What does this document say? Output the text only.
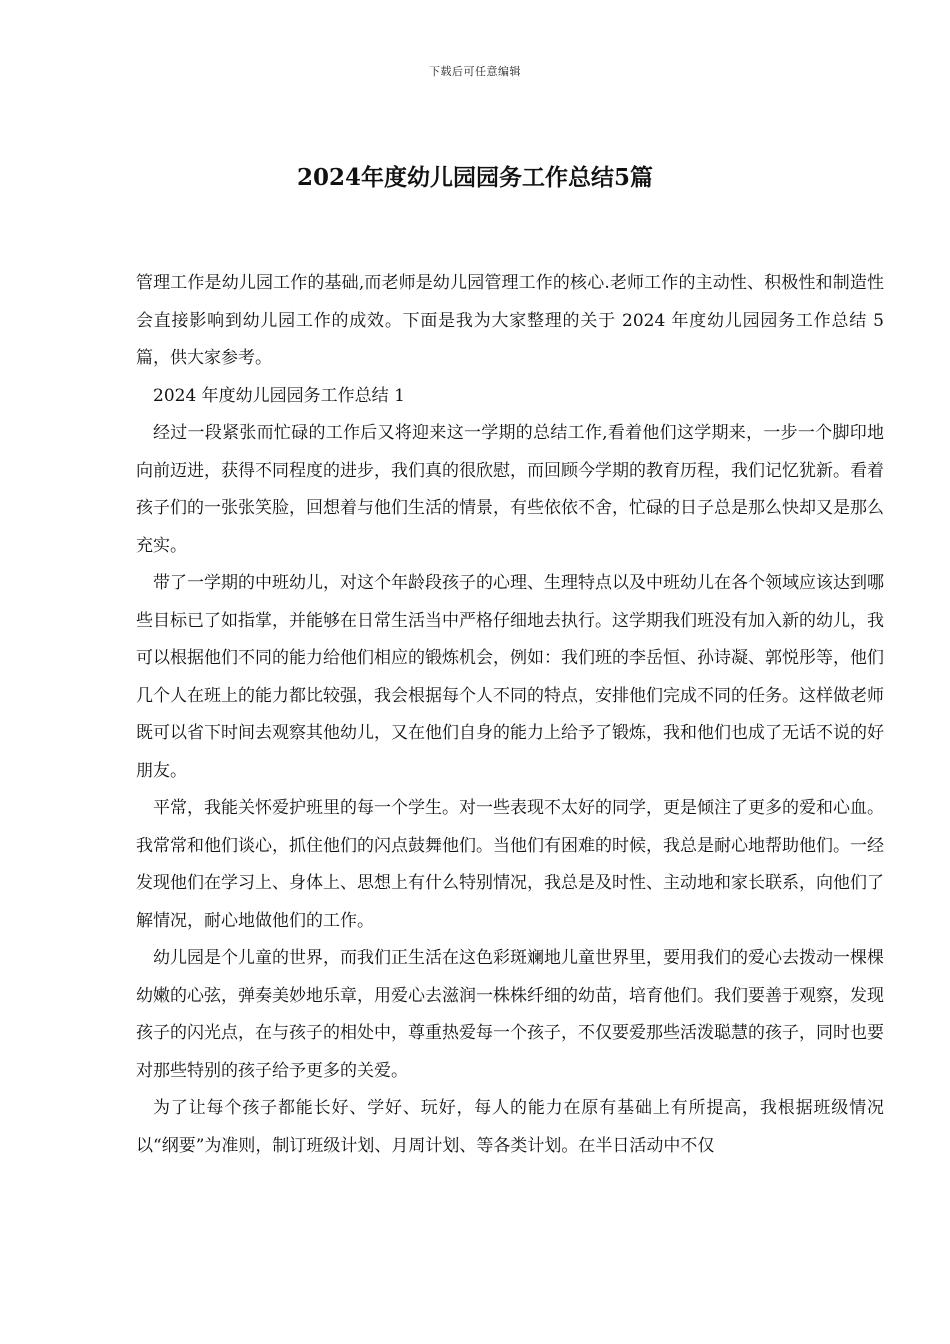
下载后可任意编辑
2024年度幼儿园园务工作总结5篇

管理工作是幼儿园工作的基础,而老师是幼儿园管理工作的核心.老师工作的主动性、积极性和制造性会直接影响到幼儿园工作的成效。下面是我为大家整理的关于 2024 年度幼儿园园务工作总结 5 篇，供大家参考。

2024 年度幼儿园园务工作总结 1

经过一段紧张而忙碌的工作后又将迎来这一学期的总结工作,看着他们这学期来，一步一个脚印地向前迈进，获得不同程度的进步，我们真的很欣慰，而回顾今学期的教育历程，我们记忆犹新。看着孩子们的一张张笑脸，回想着与他们生活的情景，有些依依不舍，忙碌的日子总是那么快却又是那么充实。

带了一学期的中班幼儿，对这个年龄段孩子的心理、生理特点以及中班幼儿在各个领域应该达到哪些目标已了如指掌，并能够在日常生活当中严格仔细地去执行。这学期我们班没有加入新的幼儿，我可以根据他们不同的能力给他们相应的锻炼机会，例如：我们班的李岳恒、孙诗凝、郭悦彤等，他们几个人在班上的能力都比较强，我会根据每个人不同的特点，安排他们完成不同的任务。这样做老师既可以省下时间去观察其他幼儿，又在他们自身的能力上给予了锻炼，我和他们也成了无话不说的好朋友。

平常，我能关怀爱护班里的每一个学生。对一些表现不太好的同学，更是倾注了更多的爱和心血。我常常和他们谈心，抓住他们的闪点鼓舞他们。当他们有困难的时候，我总是耐心地帮助他们。一经发现他们在学习上、身体上、思想上有什么特别情况，我总是及时性、主动地和家长联系，向他们了解情况，耐心地做他们的工作。

幼儿园是个儿童的世界，而我们正生活在这色彩斑斓地儿童世界里，要用我们的爱心去拨动一棵棵幼嫩的心弦，弹奏美妙地乐章，用爱心去滋润一株株纤细的幼苗，培育他们。我们要善于观察，发现孩子的闪光点，在与孩子的相处中，尊重热爱每一个孩子，不仅要爱那些活泼聪慧的孩子，同时也要对那些特别的孩子给予更多的关爱。

为了让每个孩子都能长好、学好、玩好，每人的能力在原有基础上有所提高，我根据班级情况以“纲要”为准则，制订班级计划、月周计划、等各类计划。在半日活动中不仅
